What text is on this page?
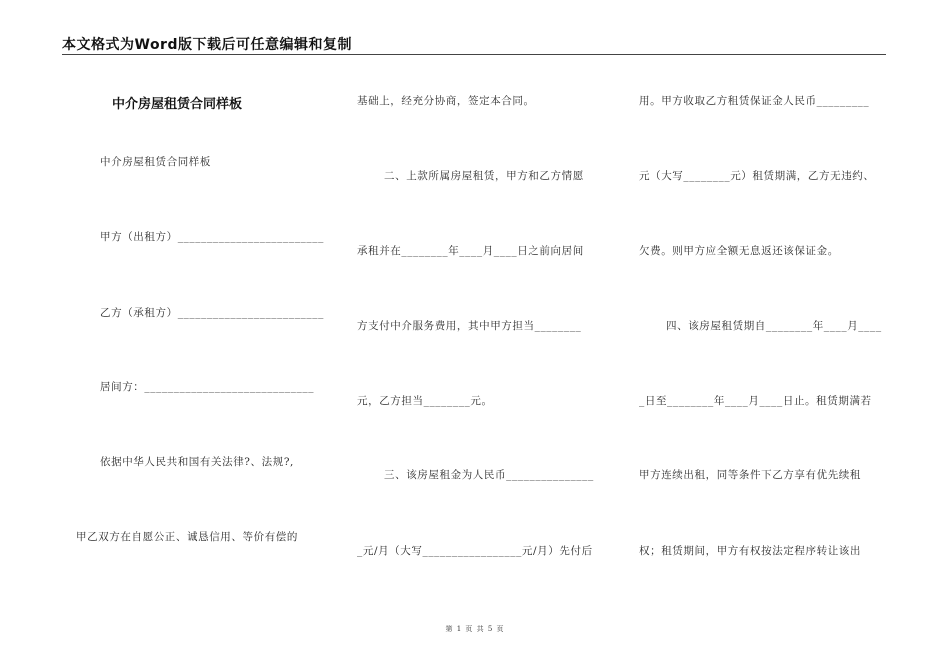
本文格式为Word版下载后可任意编辑和复制
中介房屋租赁合同样板
中介房屋租赁合同样板
甲方（出租方）_________________________
乙方（承租方）_________________________
居间方：_____________________________
依据中华人民共和国有关法律?、法规?,
甲乙双方在自愿公正、诚恳信用、等价有偿的
基础上，经充分协商，签定本合同。
二、上款所属房屋租赁，甲方和乙方情愿
承租并在________年____月____日之前向居间
方支付中介服务费用，其中甲方担当________
元，乙方担当________元。
三、该房屋租金为人民币_______________
_元/月（大写_________________元/月）先付后
用。甲方收取乙方租赁保证金人民币_________
元（大写________元）租赁期满，乙方无违约、
欠费。则甲方应全额无息返还该保证金。
四、该房屋租赁期自________年____月____
_日至________年____月____日止。租赁期满若
甲方连续出租，同等条件下乙方享有优先续租
权；租赁期间，甲方有权按法定程序转让该出
第 1 页 共 5 页
